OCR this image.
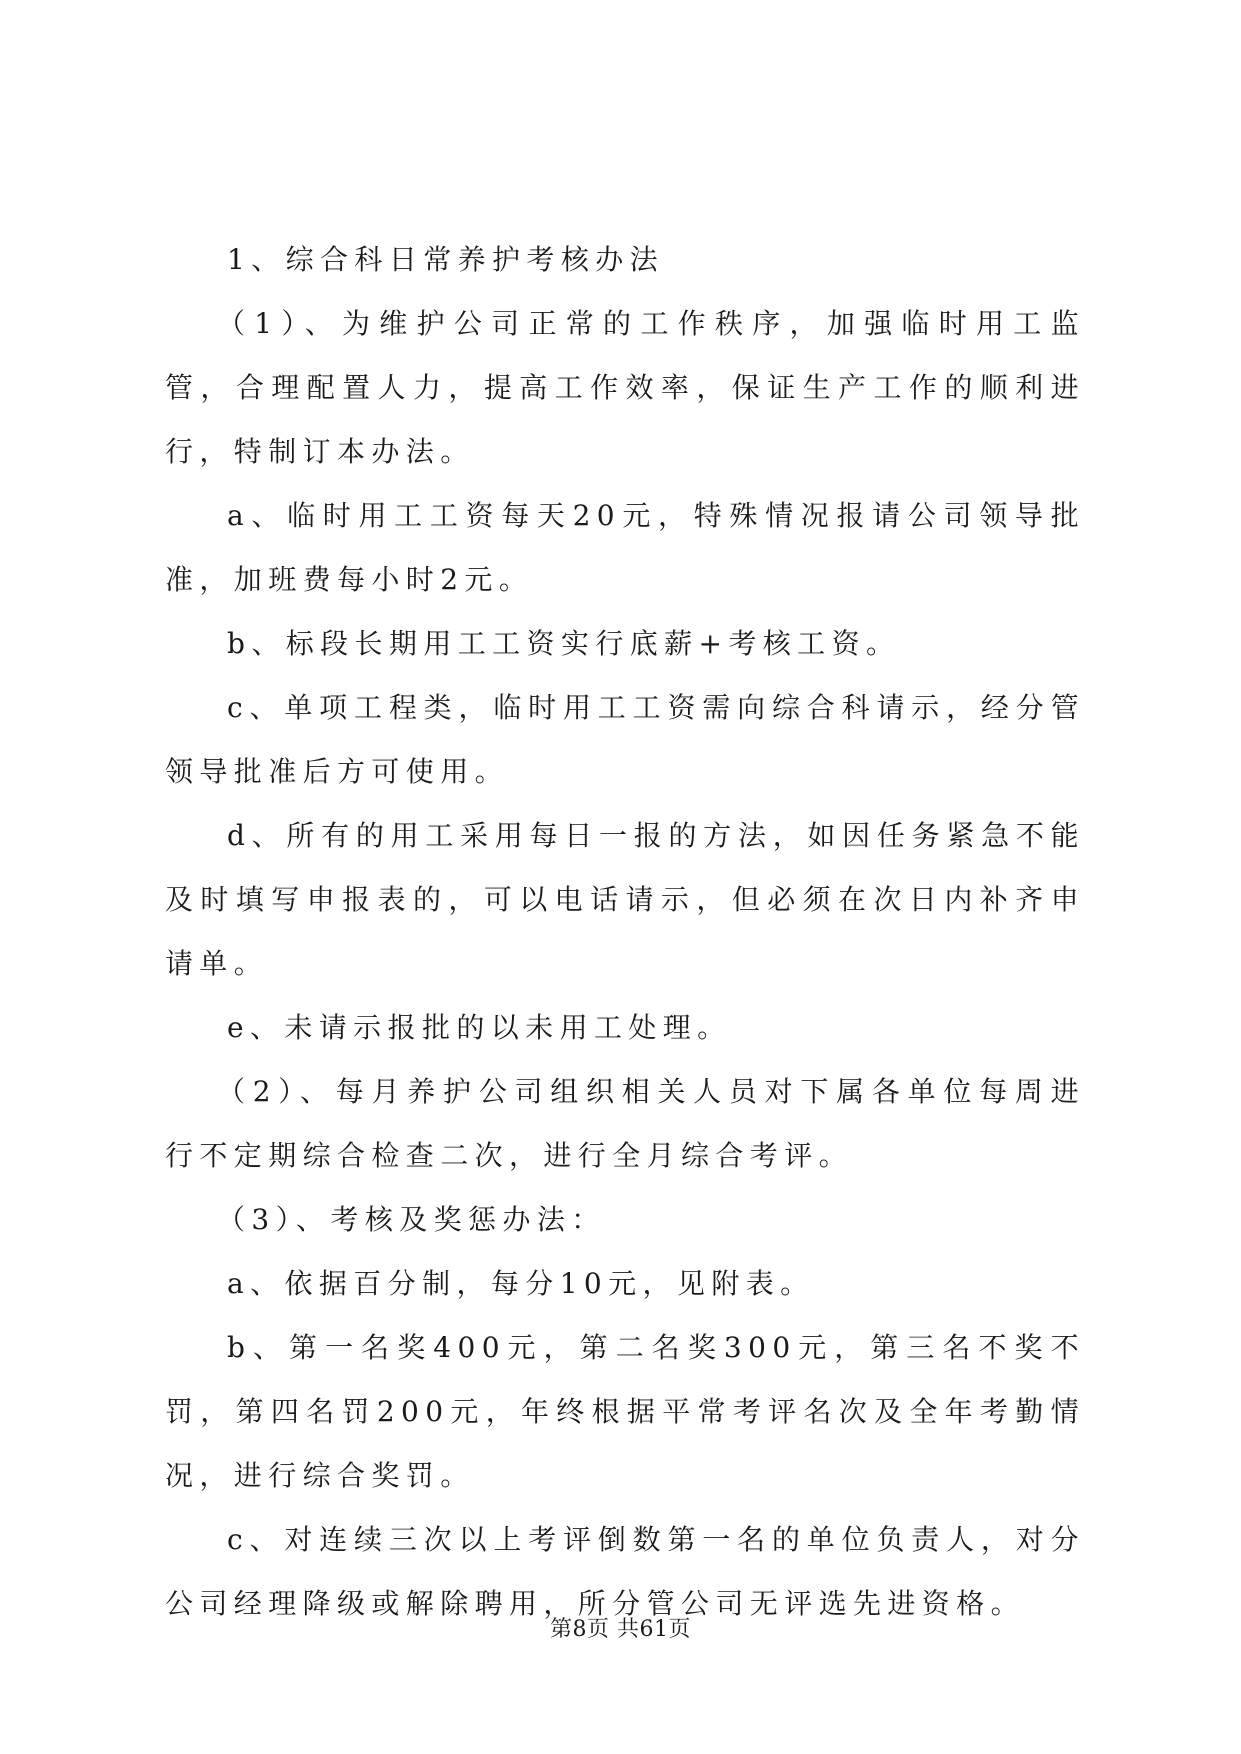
1、综合科日常养护考核办法

（1）、为维护公司正常的工作秩序，加强临时用工监管，合理配置人力，提高工作效率，保证生产工作的顺利进行，特制订本办法。

a、临时用工工资每天20元，特殊情况报请公司领导批准，加班费每小时2元。

b、标段长期用工工资实行底薪+考核工资。

c、单项工程类，临时用工工资需向综合科请示，经分管领导批准后方可使用。

d、所有的用工采用每日一报的方法，如因任务紧急不能及时填写申报表的，可以电话请示，但必须在次日内补齐申请单。

e、未请示报批的以未用工处理。

（2）、每月养护公司组织相关人员对下属各单位每周进行不定期综合检查二次，进行全月综合考评。

（3）、考核及奖惩办法：

a、依据百分制，每分10元，见附表。

b、第一名奖400元，第二名奖300元，第三名不奖不罚，第四名罚200元，年终根据平常考评名次及全年考勤情况，进行综合奖罚。

c、对连续三次以上考评倒数第一名的单位负责人，对分公司经理降级或解除聘用，所分管公司无评选先进资格。

第8页 共61页
